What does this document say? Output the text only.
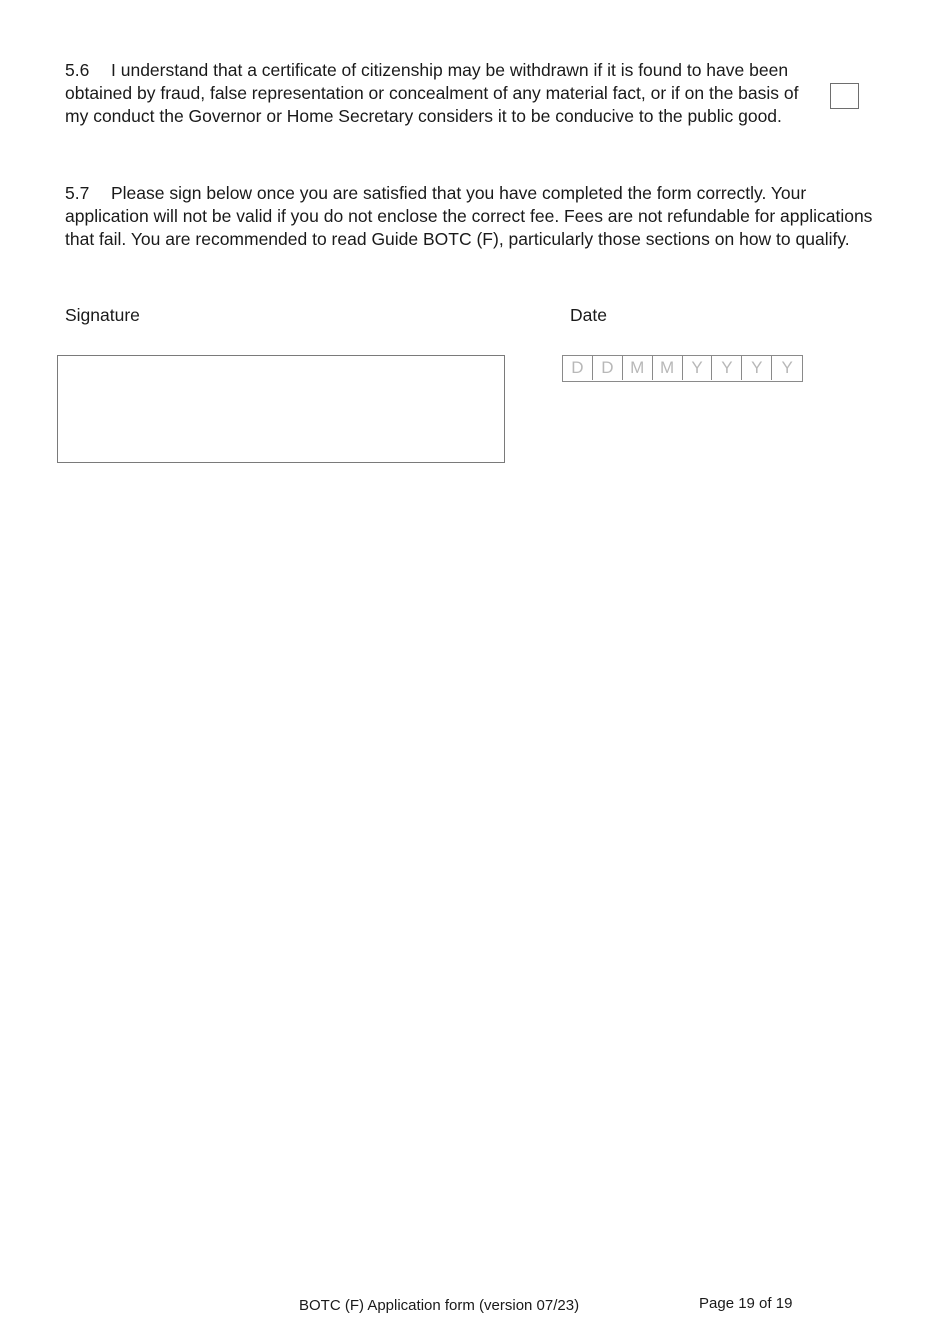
5.6 I understand that a certificate of citizenship may be withdrawn if it is found to have been obtained by fraud, false representation or concealment of any material fact, or if on the basis of my conduct the Governor or Home Secretary considers it to be conducive to the public good.

5.7 Please sign below once you are satisfied that you have completed the form correctly. Your application will not be valid if you do not enclose the correct fee. Fees are not refundable for applications that fail. You are recommended to read Guide BOTC (F), particularly those sections on how to qualify.

Signature	Date
D	D M M	Y	Y	Y	Y
BOTC (F) Application form (version 07/23)	Page 19 of 19
